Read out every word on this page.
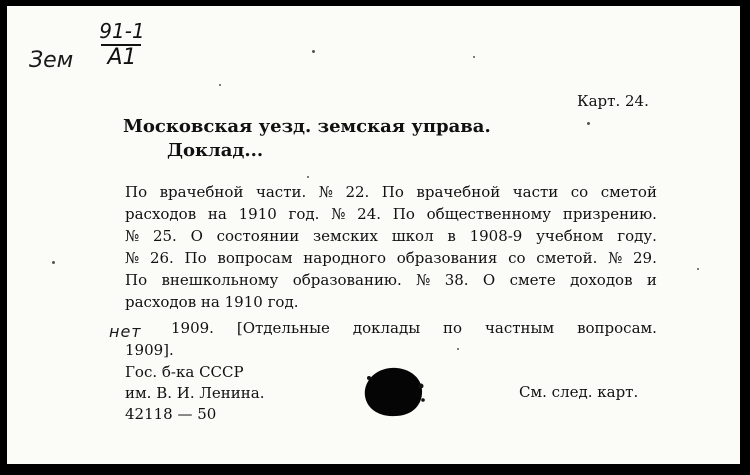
Зем
91-1
А1
Карт. 24.
Московская уезд. земская управа.
Доклад...
По врачебной части. № 22. По врачебной части со сметой
расходов на 1910 год. № 24. По общественному призрению.
№ 25. О состоянии земских школ в 1908-9 учебном году.
№ 26. По вопросам народного образования со сметой. № 29.
По внешкольному образованию. № 38. О смете доходов и
расходов на 1910 год.
нет 1909. [Отдельные доклады по частным вопросам.
1909].
Гос. б-ка СССР
им. В. И. Ленина.
42118 — 50
См. след. карт.
